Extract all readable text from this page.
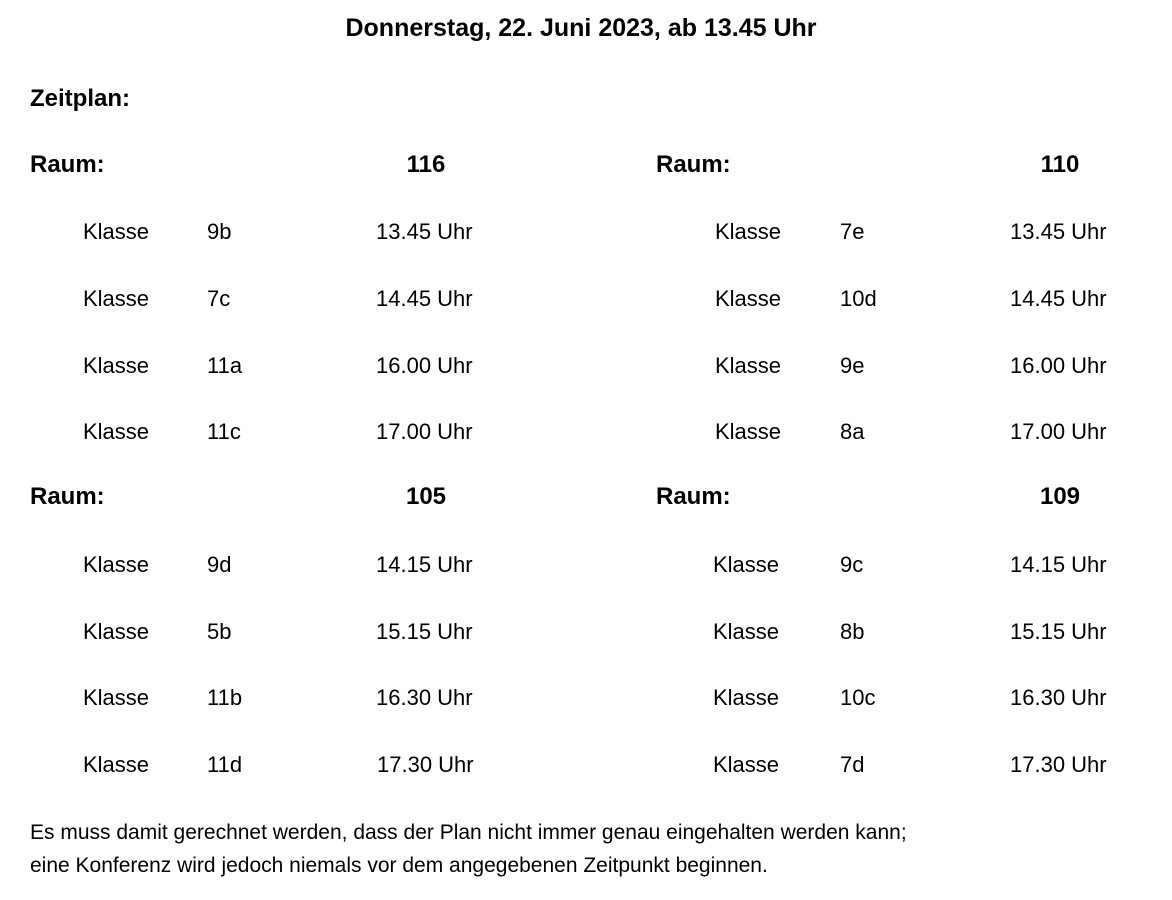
Donnerstag, 22. Juni 2023, ab 13.45 Uhr
Zeitplan:
Raum:	116
Klasse	9b	13.45 Uhr
Klasse	7c	14.45 Uhr
Klasse	11a	16.00 Uhr
Klasse	11c	17.00 Uhr
Raum:	110
Klasse	7e	13.45 Uhr
Klasse	10d	14.45 Uhr
Klasse	9e	16.00 Uhr
Klasse	8a	17.00 Uhr
Raum:	105
Klasse	9d	14.15 Uhr
Klasse	5b	15.15 Uhr
Klasse	11b	16.30 Uhr
Klasse	11d	17.30 Uhr
Raum:	109
Klasse	9c	14.15 Uhr
Klasse	8b	15.15 Uhr
Klasse	10c	16.30 Uhr
Klasse	7d	17.30 Uhr
Es muss damit gerechnet werden, dass der Plan nicht immer genau eingehalten werden kann;
eine Konferenz wird jedoch niemals vor dem angegebenen Zeitpunkt beginnen.
